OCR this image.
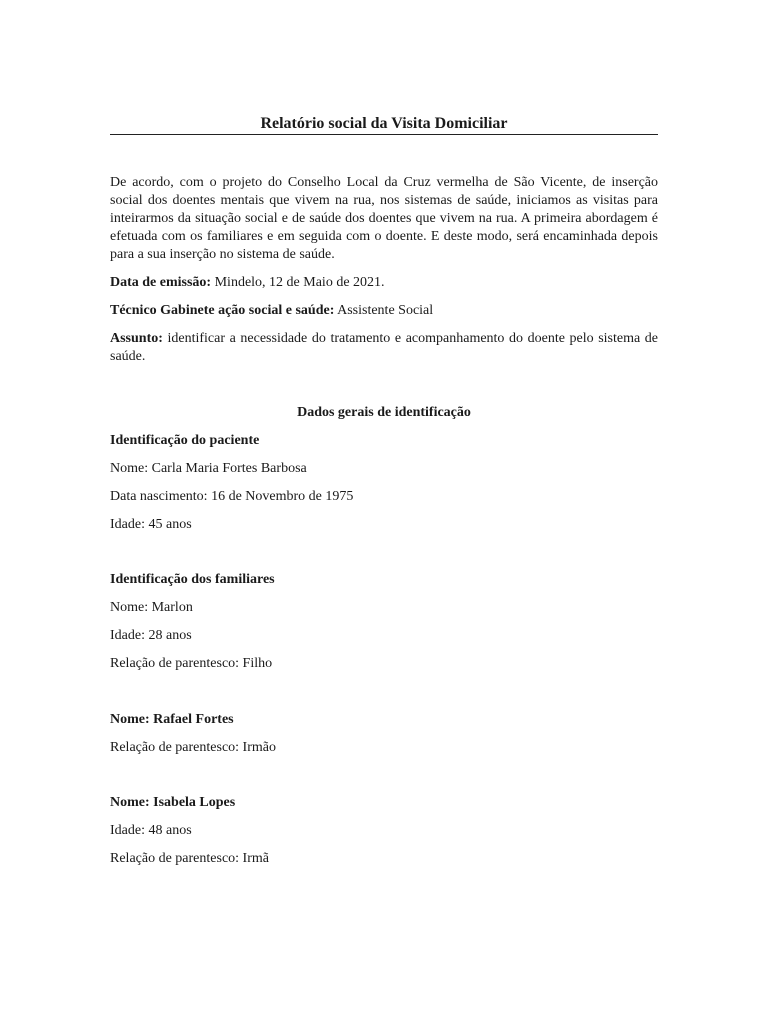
Relatório social da Visita Domiciliar
De acordo, com o projeto do Conselho Local da Cruz vermelha de São Vicente, de inserção social dos doentes mentais que vivem na rua, nos sistemas de saúde, iniciamos as visitas para inteirarmos da situação social e de saúde dos doentes que vivem na rua. A primeira abordagem é efetuada com os familiares e em seguida com o doente. E deste modo, será encaminhada depois para a sua inserção no sistema de saúde.
Data de emissão: Mindelo, 12 de Maio de 2021.
Técnico Gabinete ação social e saúde: Assistente Social
Assunto: identificar a necessidade do tratamento e acompanhamento do doente pelo sistema de saúde.
Dados gerais de identificação
Identificação do paciente
Nome: Carla Maria Fortes Barbosa
Data nascimento: 16 de Novembro de 1975
Idade: 45 anos
Identificação dos familiares
Nome: Marlon
Idade: 28 anos
Relação de parentesco: Filho
Nome: Rafael Fortes
Relação de parentesco: Irmão
Nome: Isabela Lopes
Idade: 48 anos
Relação de parentesco: Irmã
